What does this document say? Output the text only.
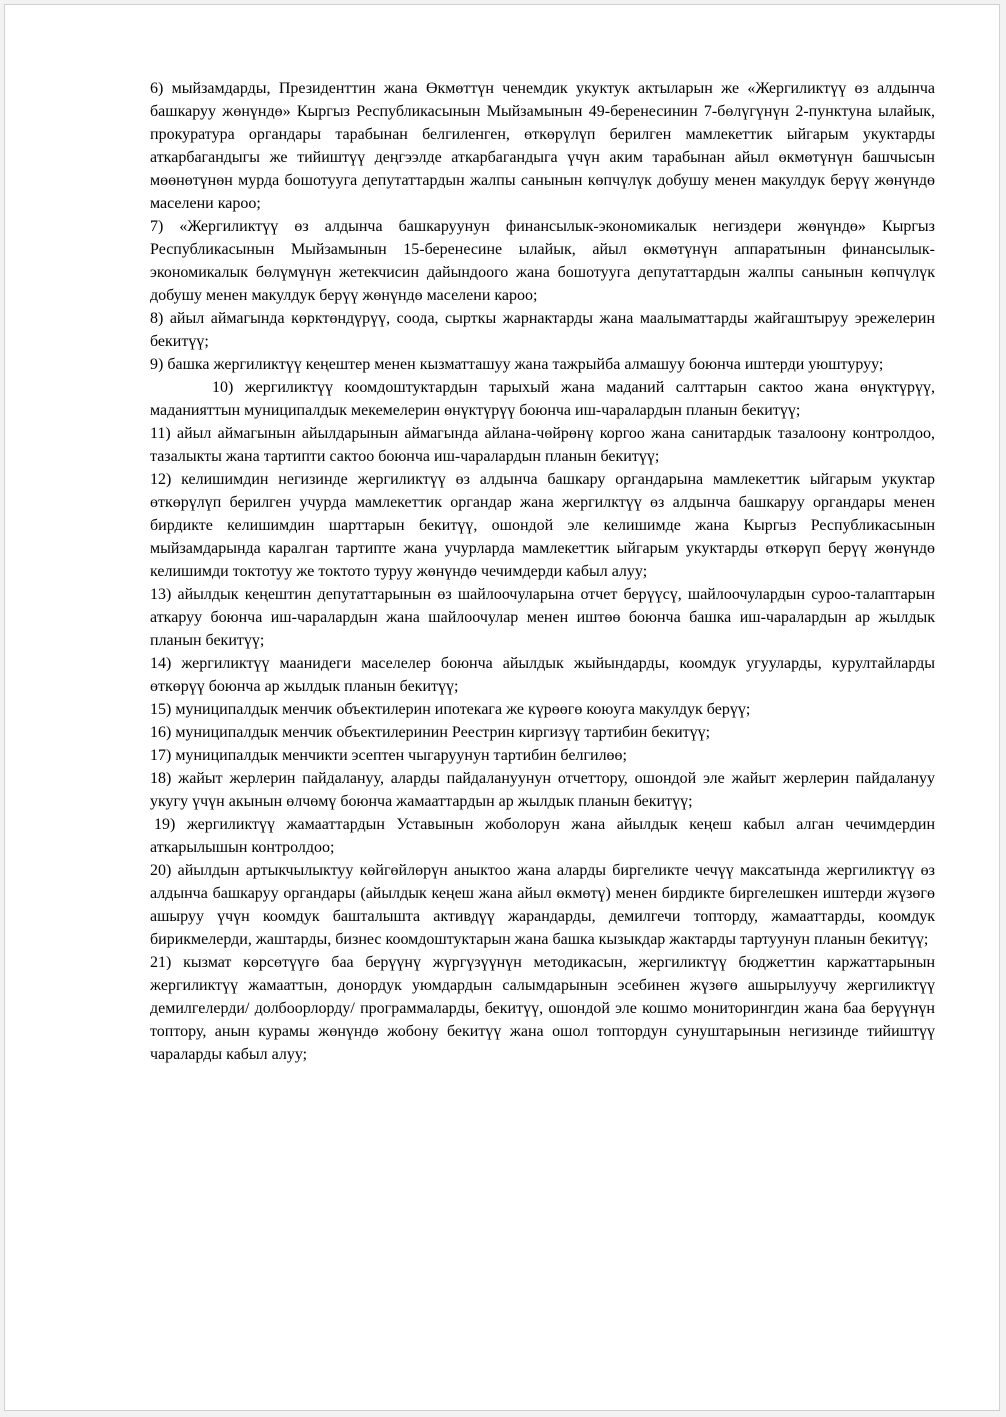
6) мыйзамдарды, Президенттин жана Өкмөттүн ченемдик укуктук актыларын же «Жергиликтүү өз алдынча башкаруу жөнүндө» Кыргыз Республикасынын Мыйзамынын 49-беренесинин 7-бөлүгүнүн 2-пунктуна ылайык, прокуратура органдары тарабынан белгиленген, өткөрүлүп берилген мамлекеттик ыйгарым укуктарды аткарбагандыгы же тийиштүү деңгээлде аткарбагандыга үчүн аким тарабынан айыл өкмөтүнүн башчысын мөөнөтүнөн мурда бошотууга депутаттардын жалпы санынын көпчүлүк добушу менен макулдук берүү жөнүндө маселени кароо;

7) «Жергиликтүү өз алдынча башкаруунун финансылык-экономикалык негиздери жөнүндө» Кыргыз Республикасынын Мыйзамынын 15-беренесине ылайык, айыл өкмөтүнүн аппаратынын финансылык-экономикалык бөлүмүнүн жетекчисин дайындоого жана бошотууга депутаттардын жалпы санынын көпчүлүк добушу менен макулдук берүү жөнүндө маселени кароо;

8) айыл аймагында көрктөндүрүү, соода, сырткы жарнактарды жана маалыматтарды жайгаштыруу эрежелерин бекитүү;

9) башка жергиликтүү кеңештер менен кызматташуу жана тажрыйба алмашуу боюнча иштерди уюштуруу;

10) жергиликтүү коомдоштуктардын тарыхый жана маданий салттарын сактоо жана өнүктүрүү, маданияттын муниципалдык мекемелерин өнүктүрүү боюнча иш-чаралардын планын бекитүү;

11) айыл аймагынын айылдарынын аймагында айлана-чөйрөнү коргоо жана санитардык тазалоону контролдоо, тазалыкты жана тартипти сактоо боюнча иш-чаралардын планын бекитүү;

12) келишимдин негизинде жергиликтүү өз алдынча башкару органдарына мамлекеттик ыйгарым укуктар өткөрүлүп берилген учурда мамлекеттик органдар жана жергилктүү өз алдынча башкаруу органдары менен бирдикте келишимдин шарттарын бекитүү, ошондой эле келишимде жана Кыргыз Республикасынын мыйзамдарында каралган тартипте жана учурларда мамлекеттик ыйгарым укуктарды өткөрүп берүү жөнүндө келишимди токтотуу же токтото туруу жөнүндө чечимдерди кабыл алуу;

13) айылдык кеңештин депутаттарынын өз шайлоочуларына отчет берүүсү, шайлоочулардын суроо-талаптарын аткаруу боюнча иш-чаралардын жана шайлоочулар менен иштөө боюнча башка иш-чаралардын ар жылдык планын бекитүү;

14) жергиликтүү маанидеги маселелер боюнча айылдык жыйындарды, коомдук угууларды, курултайларды өткөрүү боюнча ар жылдык планын бекитүү;

15) муниципалдык менчик объектилерин ипотекага же күрөөгө коюуга макулдук берүү;

16) муниципалдык менчик объектилеринин Реестрин киргизүү тартибин бекитүү;

17) муниципалдык менчикти эсептен чыгаруунун тартибин белгилөө;

18) жайыт жерлерин пайдалануу, аларды пайдалануунун отчеттору, ошондой эле жайыт жерлерин пайдалануу укугу үчүн акынын өлчөмү боюнча жамааттардын ар жылдык планын бекитүү;

19) жергиликтүү жамааттардын Уставынын жоболорун жана айылдык кеңеш кабыл алган чечимдердин аткарылышын контролдоо;

20) айылдын артыкчылыктуу көйгөйлөрүн аныктоо жана аларды биргеликте чечүү максатында жергиликтүү өз алдынча башкаруу органдары (айылдык кеңеш жана айыл өкмөтү) менен бирдикте биргелешкен иштерди жүзөгө ашыруу үчүн коомдук башталышта активдүү жарандарды, демилгечи топторду, жамааттарды, коомдук бирикмелерди, жаштарды, бизнес коомдоштуктарын жана башка кызыкдар жактарды тартуунун планын бекитүү;

21) кызмат көрсөтүүгө баа берүүнү жүргүзүүнүн методикасын, жергиликтүү бюджеттин каржаттарынын жергиликтүү жамааттын, донордук уюмдардын салымдарынын эсебинен жүзөгө ашырылуучу жергиликтүү демилгелерди/ долбоорлорду/ программаларды, бекитүү, ошондой эле кошмо мониторингдин жана баа берүүнүн топтору, анын курамы жөнүндө жобону бекитүү жана ошол топтордун сунуштарынын негизинде тийиштүү чараларды кабыл алуу;
